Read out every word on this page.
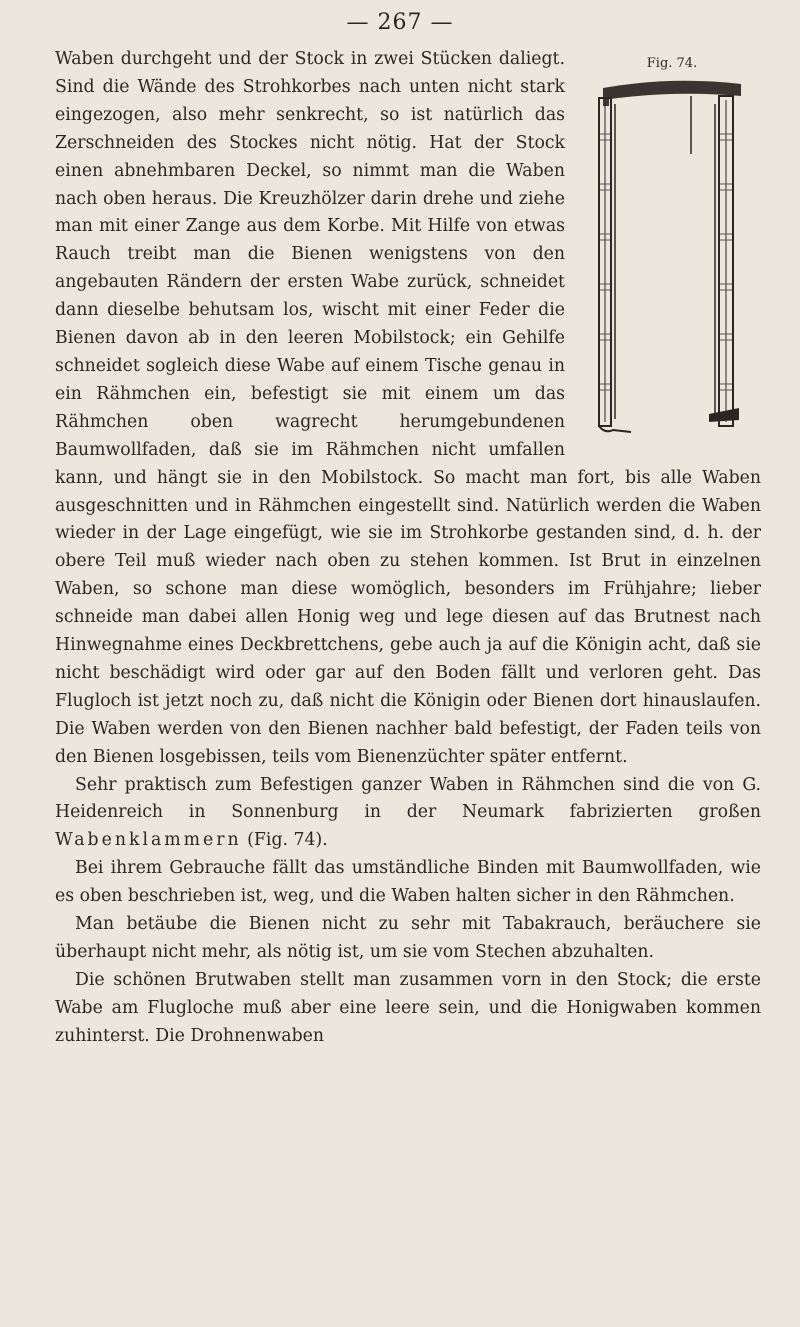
— 267 —
Fig. 74.

Waben durchgeht und der Stock in zwei Stücken daliegt. Sind die Wände des Strohkorbes nach unten nicht stark eingezogen, also mehr senkrecht, so ist natürlich das Zerschneiden des Stockes nicht nötig. Hat der Stock einen abnehmbaren Deckel, so nimmt man die Waben nach oben heraus. Die Kreuzhölzer darin drehe und ziehe man mit einer Zange aus dem Korbe. Mit Hilfe von etwas Rauch treibt man die Bienen wenigstens von den angebauten Rändern der ersten Wabe zurück, schneidet dann dieselbe behutsam los, wischt mit einer Feder die Bienen davon ab in den leeren Mobilstock; ein Gehilfe schneidet sogleich diese Wabe auf einem Tische genau in ein Rähmchen ein, befestigt sie mit einem um das Rähmchen oben wagrecht herumgebundenen Baumwollfaden, daß sie im Rähmchen nicht umfallen kann, und hängt sie in den Mobilstock. So macht man fort, bis alle Waben ausgeschnitten und in Rähmchen eingestellt sind. Natürlich werden die Waben wieder in der Lage eingefügt, wie sie im Strohkorbe gestanden sind, d. h. der obere Teil muß wieder nach oben zu stehen kommen. Ist Brut in einzelnen Waben, so schone man diese womöglich, besonders im Frühjahre; lieber schneide man dabei allen Honig weg und lege diesen auf das Brutnest nach Hinwegnahme eines Deckbrettchens, gebe auch ja auf die Königin acht, daß sie nicht beschädigt wird oder gar auf den Boden fällt und verloren geht. Das Flugloch ist jetzt noch zu, daß nicht die Königin oder Bienen dort hinauslaufen. Die Waben werden von den Bienen nachher bald befestigt, der Faden teils von den Bienen losgebissen, teils vom Bienenzüchter später entfernt.

Sehr praktisch zum Befestigen ganzer Waben in Rähmchen sind die von G. Heidenreich in Sonnenburg in der Neumark fabrizierten großen Wabenklammern (Fig. 74).

Bei ihrem Gebrauche fällt das umständliche Binden mit Baumwollfaden, wie es oben beschrieben ist, weg, und die Waben halten sicher in den Rähmchen.

Man betäube die Bienen nicht zu sehr mit Tabakrauch, beräuchere sie überhaupt nicht mehr, als nötig ist, um sie vom Stechen abzuhalten.

Die schönen Brutwaben stellt man zusammen vorn in den Stock; die erste Wabe am Flugloche muß aber eine leere sein, und die Honigwaben kommen zuhinterst. Die Drohnenwaben
